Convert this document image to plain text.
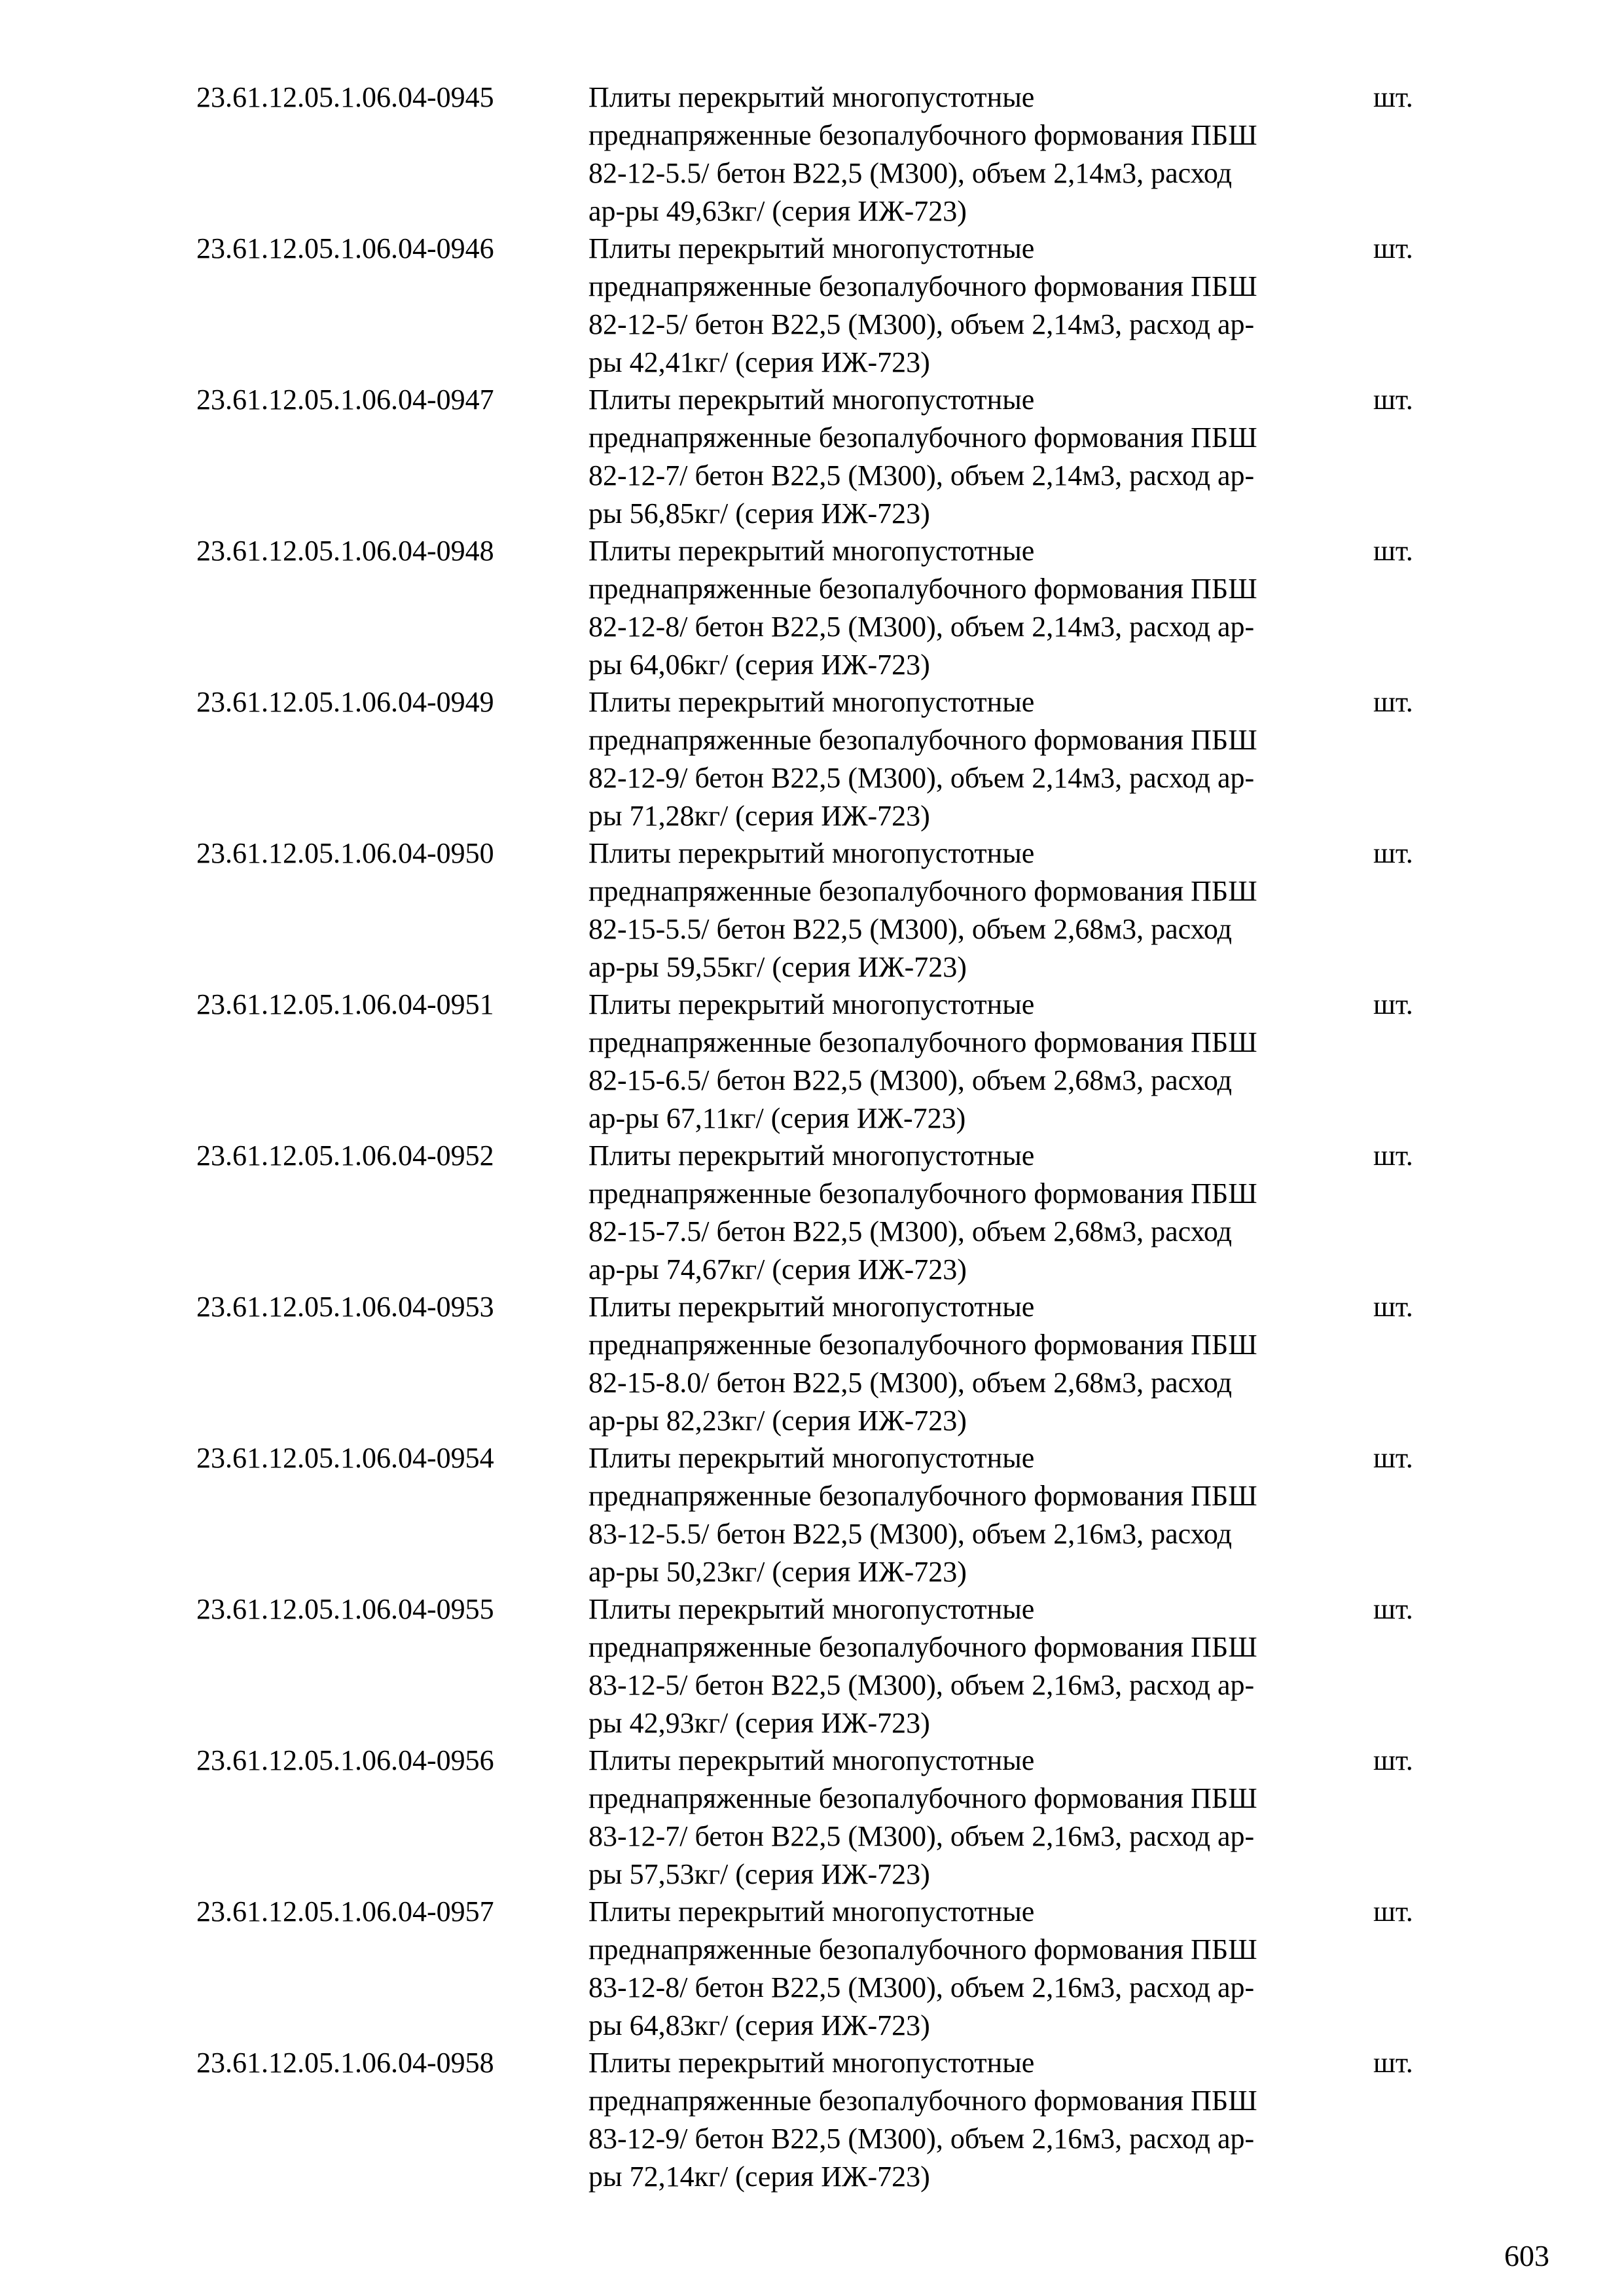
23.61.12.05.1.06.04-0945	Плиты перекрытий многопустотные
преднапряженные безопалубочного формования ПБШ
82-12-5.5/ бетон В22,5 (М300), объем 2,14м3, расход
ар-ры 49,63кг/ (серия ИЖ-723)
шт.
23.61.12.05.1.06.04-0946	Плиты перекрытий многопустотные
преднапряженные безопалубочного формования ПБШ
82-12-5/ бетон В22,5 (М300), объем 2,14м3, расход ар-
ры 42,41кг/ (серия ИЖ-723)
шт.
23.61.12.05.1.06.04-0947	Плиты перекрытий многопустотные
преднапряженные безопалубочного формования ПБШ
82-12-7/ бетон В22,5 (М300), объем 2,14м3, расход ар-
ры 56,85кг/ (серия ИЖ-723)
шт.
23.61.12.05.1.06.04-0948	Плиты перекрытий многопустотные
преднапряженные безопалубочного формования ПБШ
82-12-8/ бетон В22,5 (М300), объем 2,14м3, расход ар-
ры 64,06кг/ (серия ИЖ-723)
шт.
23.61.12.05.1.06.04-0949	Плиты перекрытий многопустотные
преднапряженные безопалубочного формования ПБШ
82-12-9/ бетон В22,5 (М300), объем 2,14м3, расход ар-
ры 71,28кг/ (серия ИЖ-723)
шт.
23.61.12.05.1.06.04-0950	Плиты перекрытий многопустотные
преднапряженные безопалубочного формования ПБШ
82-15-5.5/ бетон В22,5 (М300), объем 2,68м3, расход
ар-ры 59,55кг/ (серия ИЖ-723)
шт.
23.61.12.05.1.06.04-0951	Плиты перекрытий многопустотные
преднапряженные безопалубочного формования ПБШ
82-15-6.5/ бетон В22,5 (М300), объем 2,68м3, расход
ар-ры 67,11кг/ (серия ИЖ-723)
шт.
23.61.12.05.1.06.04-0952	Плиты перекрытий многопустотные
преднапряженные безопалубочного формования ПБШ
82-15-7.5/ бетон В22,5 (М300), объем 2,68м3, расход
ар-ры 74,67кг/ (серия ИЖ-723)
шт.
23.61.12.05.1.06.04-0953	Плиты перекрытий многопустотные
преднапряженные безопалубочного формования ПБШ
82-15-8.0/ бетон В22,5 (М300), объем 2,68м3, расход
ар-ры 82,23кг/ (серия ИЖ-723)
шт.
23.61.12.05.1.06.04-0954	Плиты перекрытий многопустотные
преднапряженные безопалубочного формования ПБШ
83-12-5.5/ бетон В22,5 (М300), объем 2,16м3, расход
ар-ры 50,23кг/ (серия ИЖ-723)
шт.
23.61.12.05.1.06.04-0955	Плиты перекрытий многопустотные
преднапряженные безопалубочного формования ПБШ
83-12-5/ бетон В22,5 (М300), объем 2,16м3, расход ар-
ры 42,93кг/ (серия ИЖ-723)
шт.
23.61.12.05.1.06.04-0956	Плиты перекрытий многопустотные
преднапряженные безопалубочного формования ПБШ
83-12-7/ бетон В22,5 (М300), объем 2,16м3, расход ар-
ры 57,53кг/ (серия ИЖ-723)
шт.
23.61.12.05.1.06.04-0957	Плиты перекрытий многопустотные
преднапряженные безопалубочного формования ПБШ
83-12-8/ бетон В22,5 (М300), объем 2,16м3, расход ар-
ры 64,83кг/ (серия ИЖ-723)
шт.
23.61.12.05.1.06.04-0958	Плиты перекрытий многопустотные
преднапряженные безопалубочного формования ПБШ
83-12-9/ бетон В22,5 (М300), объем 2,16м3, расход ар-
ры 72,14кг/ (серия ИЖ-723)
шт.
603
